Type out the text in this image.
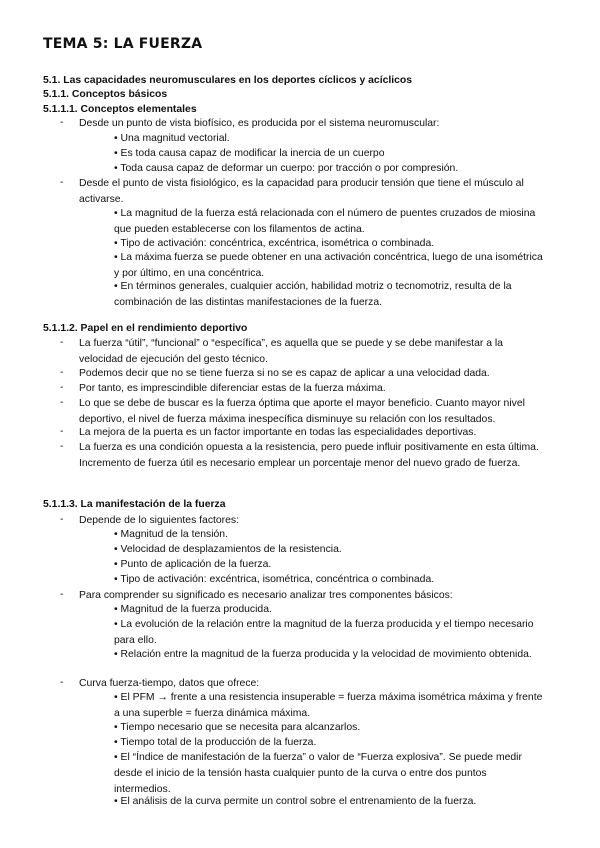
TEMA 5: LA FUERZA

5.1. Las capacidades neuromusculares en los deportes cíclicos y acíclicos

5.1.1. Conceptos básicos

5.1.1.1. Conceptos elementales

- Desde un punto de vista biofísico, es producida por el sistema neuromuscular:

• Una magnitud vectorial.

• Es toda causa capaz de modificar la inercia de un cuerpo

• Toda causa capaz de deformar un cuerpo: por tracción o por compresión.

- Desde el punto de vista fisiológico, es la capacidad para producir tensión que tiene el músculo al activarse.

• La magnitud de la fuerza está relacionada con el número de puentes cruzados de miosina que pueden establecerse con los filamentos de actina.

• Tipo de activación: concéntrica, excéntrica, isométrica o combinada.

• La máxima fuerza se puede obtener en una activación concéntrica, luego de una isométrica y por último, en una concéntrica.

• En términos generales, cualquier acción, habilidad motriz o tecnomotriz, resulta de la combinación de las distintas manifestaciones de la fuerza.

5.1.1.2. Papel en el rendimiento deportivo

- La fuerza “útil”, “funcional” o “específica”, es aquella que se puede y se debe manifestar a la velocidad de ejecución del gesto técnico.

- Podemos decir que no se tiene fuerza si no se es capaz de aplicar a una velocidad dada.

- Por tanto, es imprescindible diferenciar estas de la fuerza máxima.

- Lo que se debe de buscar es la fuerza óptima que aporte el mayor beneficio. Cuanto mayor nivel deportivo, el nivel de fuerza máxima inespecífica disminuye su relación con los resultados.

- La mejora de la puerta es un factor importante en todas las especialidades deportivas.

- La fuerza es una condición opuesta a la resistencia, pero puede influir positivamente en esta última. Incremento de fuerza útil es necesario emplear un porcentaje menor del nuevo grado de fuerza.

5.1.1.3. La manifestación de la fuerza

- Depende de lo siguientes factores:

• Magnitud de la tensión.

• Velocidad de desplazamientos de la resistencia.

• Punto de aplicación de la fuerza.

• Tipo de activación: excéntrica, isométrica, concéntrica o combinada.

- Para comprender su significado es necesario analizar tres componentes básicos:

• Magnitud de la fuerza producida.

• La evolución de la relación entre la magnitud de la fuerza producida y el tiempo necesario para ello.

• Relación entre la magnitud de la fuerza producida y la velocidad de movimiento obtenida.

- Curva fuerza-tiempo, datos que ofrece:

• El PFM → frente a una resistencia insuperable = fuerza máxima isométrica máxima y frente a una superble = fuerza dinámica máxima.

• Tiempo necesario que se necesita para alcanzarlos.

• Tiempo total de la producción de la fuerza.

• El “Índice de manifestación de la fuerza” o valor de “Fuerza explosiva”. Se puede medir desde el inicio de la tensión hasta cualquier punto de la curva o entre dos puntos intermedios.

• El análisis de la curva permite un control sobre el entrenamiento de la fuerza.
